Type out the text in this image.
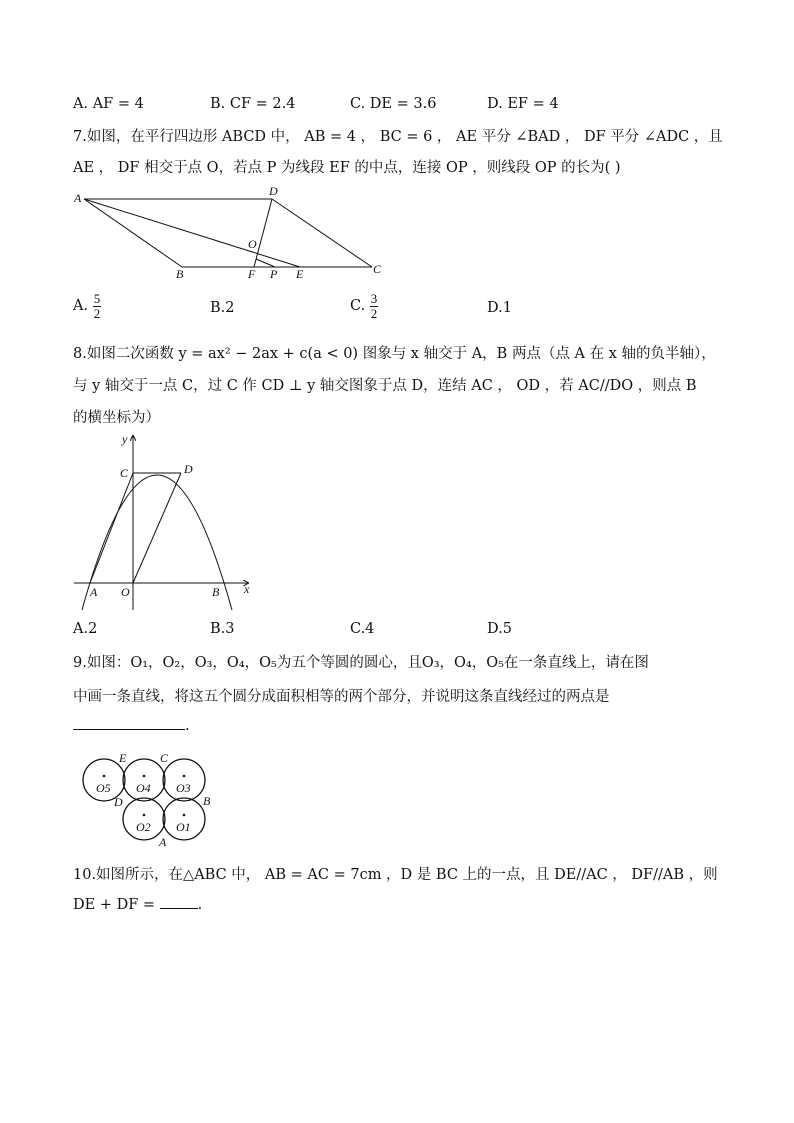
A. AF = 4	B. CF = 2.4	C. DE = 3.6	D. EF = 4
7.如图，在平行四边形 ABCD 中， AB = 4 ， BC = 6 ， AE 平分 ∠BAD ， DF 平分 ∠ADC ，且
AE ， DF 相交于点 O，若点 P 为线段 EF 的中点，连接 OP ，则线段 OP 的长为( )
A	D
O
B	F P E	C
A. $\frac{5}{2}$	B.2	C. $\frac{3}{2}$	D.1
8.如图二次函数 y = ax² − 2ax + c(a < 0) 图象与 x 轴交于 A，B 两点（点 A 在 x 轴的负半轴），
与 y 轴交于一点 C，过 C 作 CD ⊥ y 轴交图象于点 D，连结 AC ， OD ，若 AC//DO ，则点 B
的横坐标为）
y
x
C	D
A O	B
A.2	B.3	C.4	D.5
9.如图：O₁，O₂，O₃，O₄，O₅为五个等圆的圆心，且O₃，O₄，O₅在一条直线上，请在图
中画一条直线，将这五个圆分成面积相等的两个部分，并说明这条直线经过的两点是
.
O5 O4 O3
O2 O1
E	C
D	B
A
10.如图所示，在△ABC 中， AB = AC = 7cm ，D 是 BC 上的一点，且 DE//AC ， DF//AB ，则
DE + DF =	.
